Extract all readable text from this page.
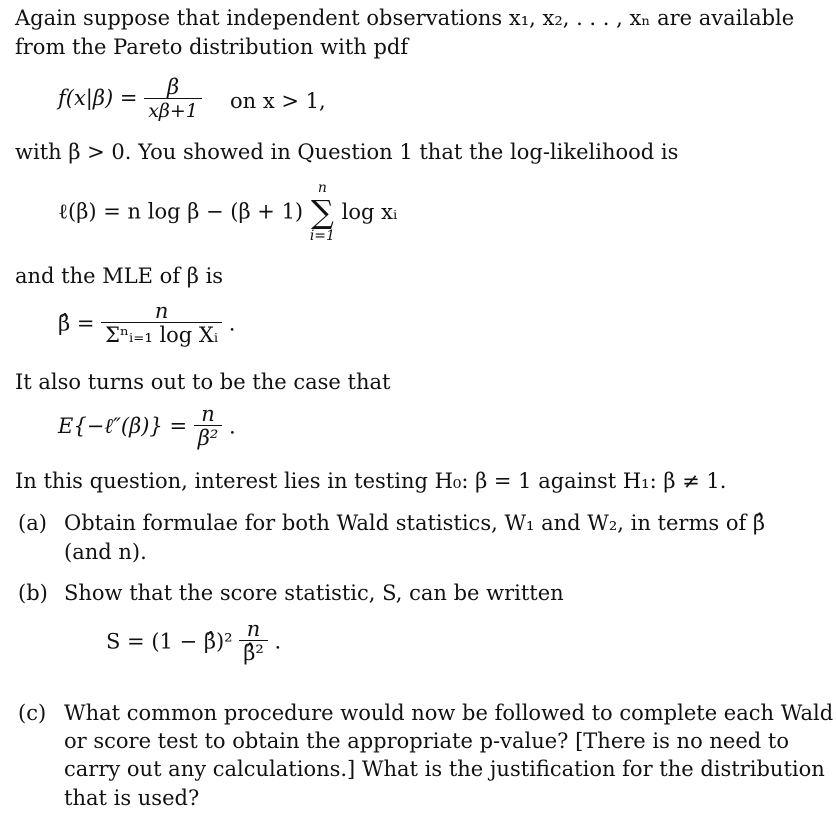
Again suppose that independent observations x₁, x₂, . . . , xₙ are available
from the Pareto distribution with pdf
$f(x|\beta) = \frac{\beta}{x\beta+1}$ on x > 1,
with β > 0. You showed in Question 1 that the log-likelihood is
ℓ(β) = n log β − (β + 1)
n
∑
i=1
log xᵢ
and the MLE of β is
β̂ = $\frac{n}{\text{Σⁿᵢ₌₁ log Xᵢ}}$ .
It also turns out to be the case that
E{−ℓ″(β)} = $\frac{n}{\text{β²}}$ .
In this question, interest lies in testing H₀: β = 1 against H₁: β ≠ 1.
(a) Obtain formulae for both Wald statistics, W₁ and W₂, in terms of β̂
(and n).
(b) Show that the score statistic, S, can be written
S = (1 − β̂)² $\frac{n}{\text{β̂²}}$ .
(c) What common procedure would now be followed to complete each Wald
or score test to obtain the appropriate p-value? [There is no need to
carry out any calculations.] What is the justification for the distribution
that is used?
